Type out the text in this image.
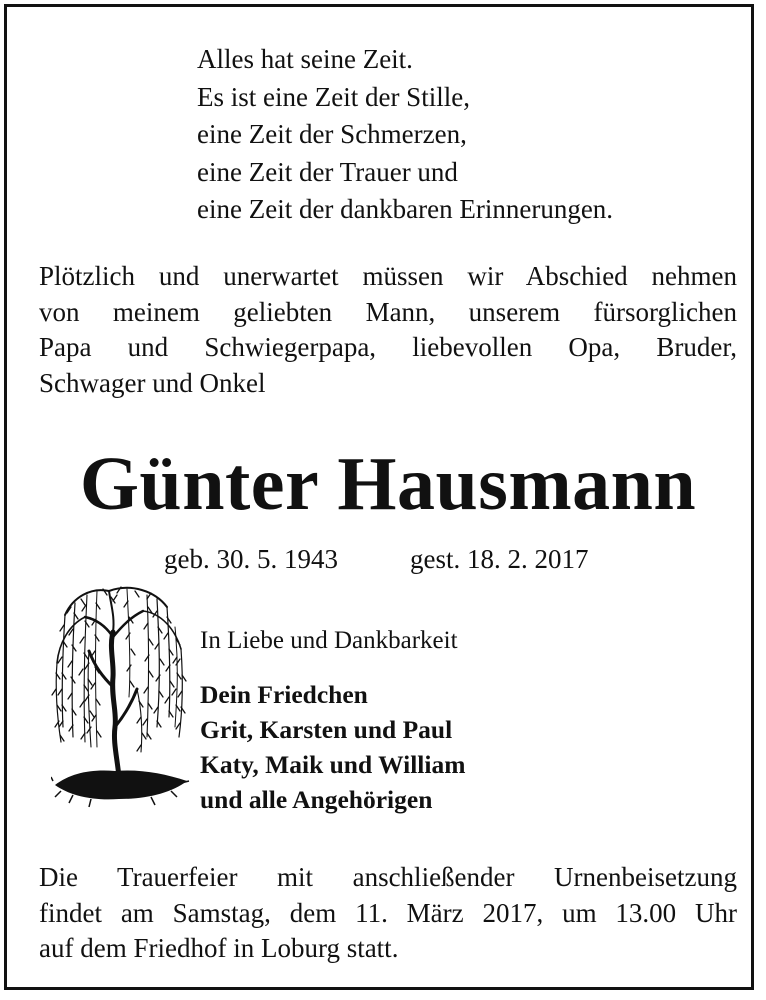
Alles hat seine Zeit.
Es ist eine Zeit der Stille,
eine Zeit der Schmerzen,
eine Zeit der Trauer und
eine Zeit der dankbaren Erinnerungen.
Plötzlich und unerwartet müssen wir Abschied nehmen
von meinem geliebten Mann, unserem fürsorglichen
Papa und Schwiegerpapa, liebevollen Opa, Bruder,
Schwager und Onkel
Günter Hausmann
geb. 30. 5. 1943	gest. 18. 2. 2017
In Liebe und Dankbarkeit
Dein Friedchen
Grit, Karsten und Paul
Katy, Maik und William
und alle Angehörigen
Die Trauerfeier mit anschließender Urnenbeisetzung
findet am Samstag, dem 11. März 2017, um 13.00 Uhr
auf dem Friedhof in Loburg statt.
